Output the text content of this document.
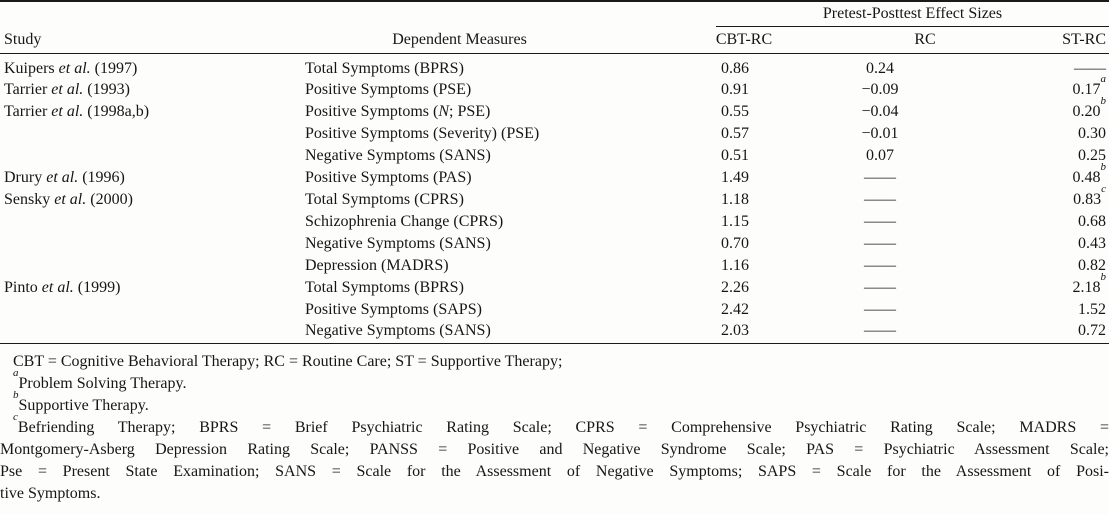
Study	Dependent Measures	Pretest-Posttest Effect Sizes		

		CBT-RC	RC	ST-RC
Kuipers et al. (1997)	Total Symptoms (BPRS)	0.86	0.24	——
Tarrier et al. (1993)	Positive Symptoms (PSE)	0.91	−0.09	0.17$^a$
Tarrier et al. (1998a,b)	Positive Symptoms (N; PSE)	0.55	−0.04	0.20$^b$
	Positive Symptoms (Severity) (PSE)	0.57	−0.01	0.30
	Negative Symptoms (SANS)	0.51	0.07	0.25
Drury et al. (1996)	Positive Symptoms (PAS)	1.49	——	0.48$^b$
Sensky et al. (2000)	Total Symptoms (CPRS)	1.18	——	0.83$^c$
	Schizophrenia Change (CPRS)	1.15	——	0.68
	Negative Symptoms (SANS)	0.70	——	0.43
	Depression (MADRS)	1.16	——	0.82
Pinto et al. (1999)	Total Symptoms (BPRS)	2.26	——	2.18$^b$
	Positive Symptoms (SAPS)	2.42	——	1.52
	Negative Symptoms (SANS)	2.03	——	0.72

CBT = Cognitive Behavioral Therapy; RC = Routine Care; ST = Supportive Therapy;

$^a$Problem Solving Therapy.

$^b$Supportive Therapy.

$^c$Befriending Therapy; BPRS = Brief Psychiatric Rating Scale; CPRS = Comprehensive Psychiatric Rating Scale; MADRS =

Montgomery-Asberg Depression Rating Scale; PANSS = Positive and Negative Syndrome Scale; PAS = Psychiatric Assessment Scale;

Pse = Present State Examination; SANS = Scale for the Assessment of Negative Symptoms; SAPS = Scale for the Assessment of Posi-

tive Symptoms.
